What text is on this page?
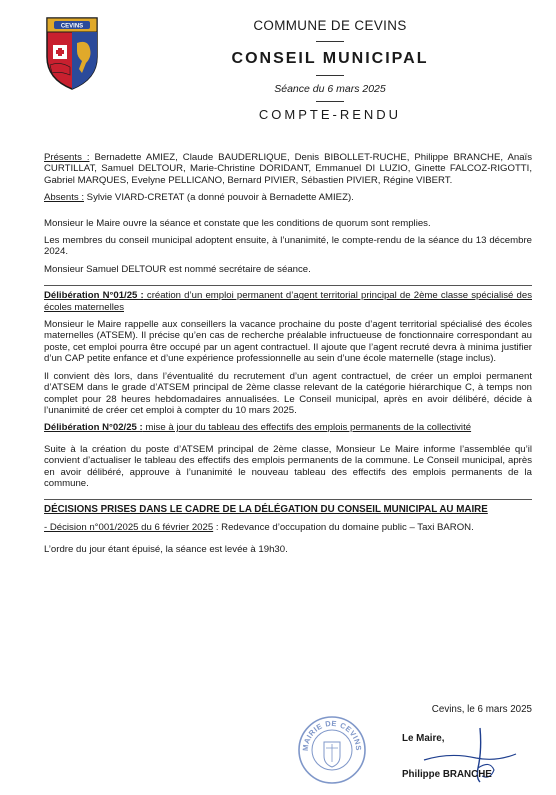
CEVINS	COMMUNE DE CEVINS
CONSEIL MUNICIPAL
Séance du 6 mars 2025
COMPTE-RENDU

Présents : Bernadette AMIEZ, Claude BAUDERLIQUE, Denis BIBOLLET-RUCHE, Philippe BRANCHE, Anaïs CURTILLAT, Samuel DELTOUR, Marie-Christine DORIDANT, Emmanuel DI LUZIO, Ginette FALCOZ-RIGOTTI, Gabriel MARQUES, Evelyne PELLICANO, Bernard PIVIER, Sébastien PIVIER, Régine VIBERT.

Absents : Sylvie VIARD-CRETAT (a donné pouvoir à Bernadette AMIEZ).

Monsieur le Maire ouvre la séance et constate que les conditions de quorum sont remplies.

Les membres du conseil municipal adoptent ensuite, à l’unanimité, le compte-rendu de la séance du 13 décembre 2024.

Monsieur Samuel DELTOUR est nommé secrétaire de séance.

Délibération N°01/25 : création d’un emploi permanent d’agent territorial principal de 2ème classe spécialisé des écoles maternelles

Monsieur le Maire rappelle aux conseillers la vacance prochaine du poste d’agent territorial spécialisé des écoles maternelles (ATSEM). Il précise qu’en cas de recherche préalable infructueuse de fonctionnaire correspondant au poste, cet emploi pourra être occupé par un agent contractuel. Il ajoute que l’agent recruté devra à minima justifier d’un CAP petite enfance et d’une expérience professionnelle au sein d’une école maternelle (stage inclus).

Il convient dès lors, dans l’éventualité du recrutement d’un agent contractuel, de créer un emploi permanent d’ATSEM dans le grade d’ATSEM principal de 2ème classe relevant de la catégorie hiérarchique C, à temps non complet pour 28 heures hebdomadaires annualisées. Le Conseil municipal, après en avoir délibéré, décide à l’unanimité de créer cet emploi à compter du 10 mars 2025.

Délibération N°02/25 : mise à jour du tableau des effectifs des emplois permanents de la collectivité

Suite à la création du poste d’ATSEM principal de 2ème classe, Monsieur Le Maire informe l’assemblée qu’il convient d’actualiser le tableau des effectifs des emplois permanents de la commune. Le Conseil municipal, après en avoir délibéré, approuve à l’unanimité le nouveau tableau des effectifs des emplois permanents de la commune.

DÉCISIONS PRISES DANS LE CADRE DE LA DÉLÉGATION DU CONSEIL MUNICIPAL AU MAIRE

- Décision n°001/2025 du 6 février 2025 : Redevance d’occupation du domaine public – Taxi BARON.

L’ordre du jour étant épuisé, la séance est levée à 19h30.

Cevins, le 6 mars 2025
MAIRIE DE CEVINS
Le Maire,
Philippe BRANCHE
